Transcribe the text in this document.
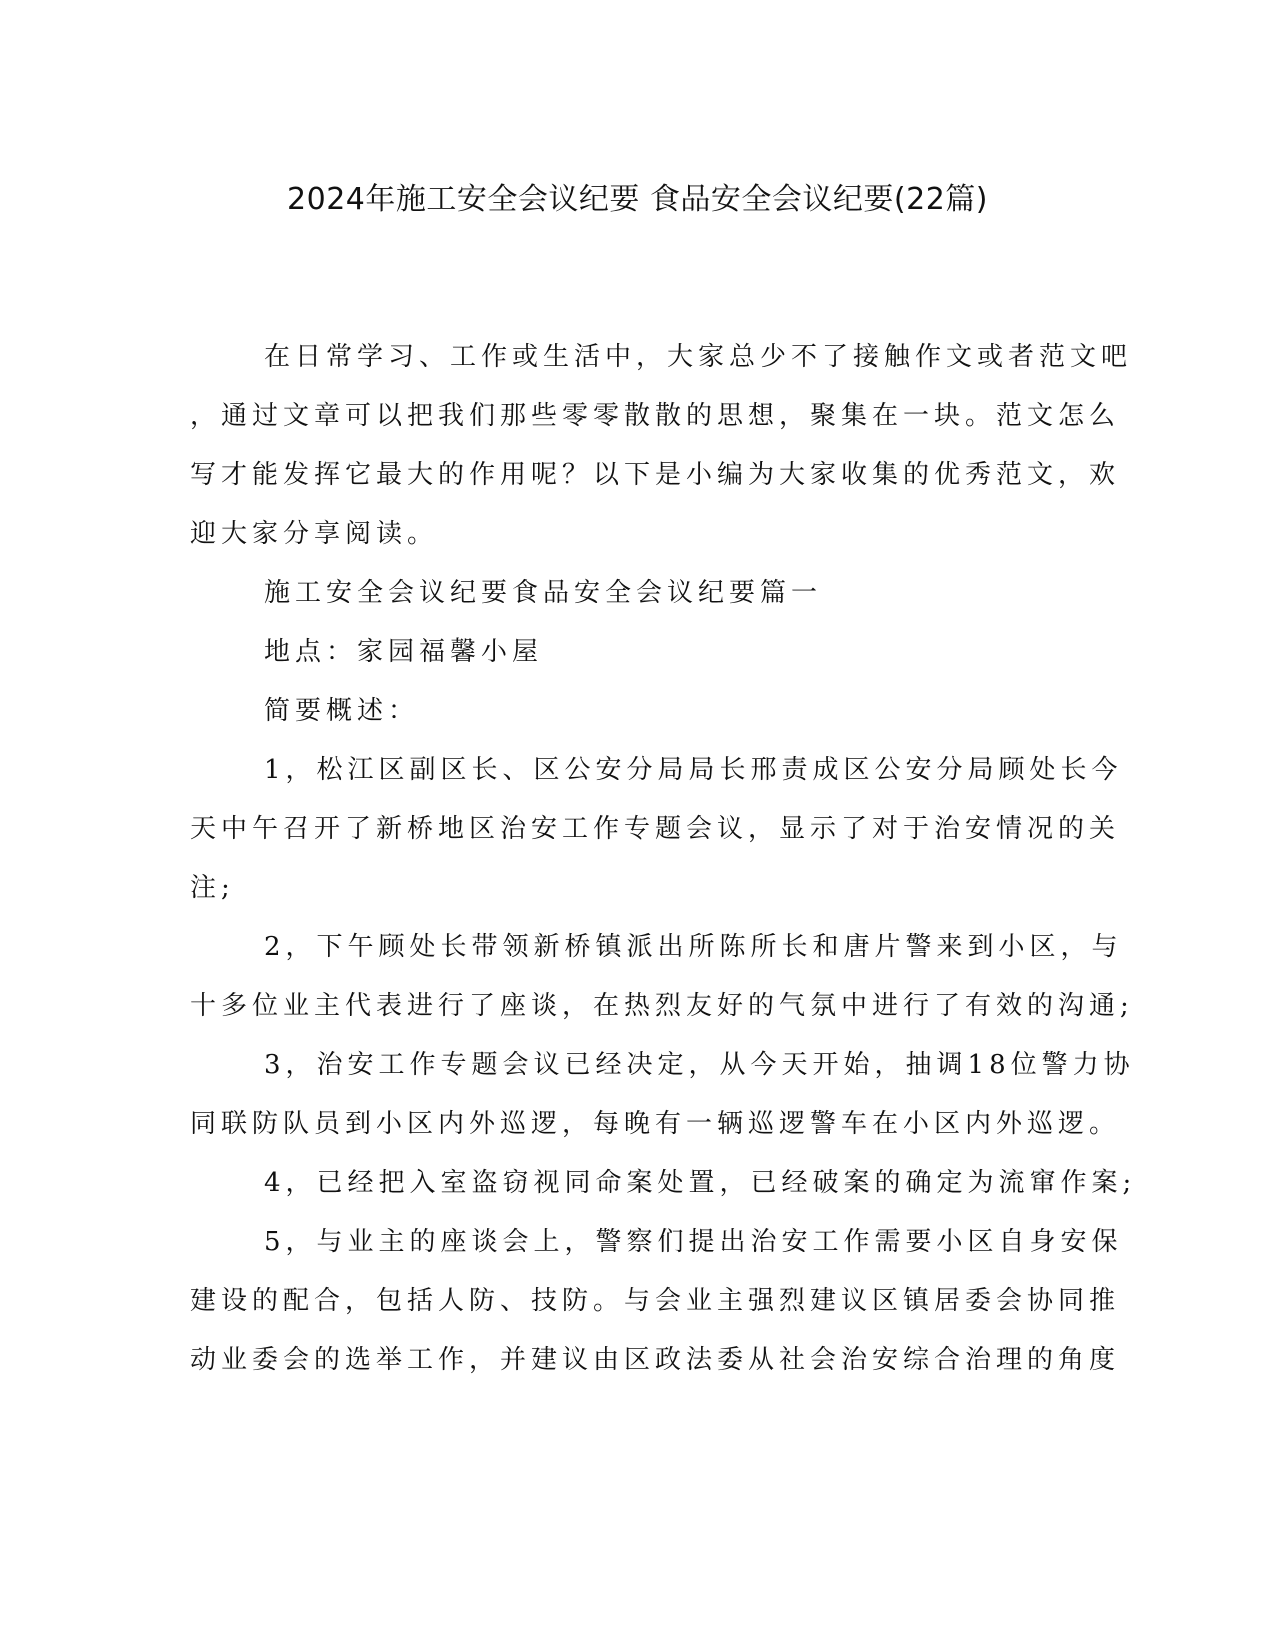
2024年施工安全会议纪要 食品安全会议纪要(22篇)
在日常学习、工作或生活中，大家总少不了接触作文或者范文吧
，通过文章可以把我们那些零零散散的思想，聚集在一块。范文怎么
写才能发挥它最大的作用呢？以下是小编为大家收集的优秀范文，欢
迎大家分享阅读。
施工安全会议纪要食品安全会议纪要篇一
地点：家园福馨小屋
简要概述：
1，松江区副区长、区公安分局局长邢责成区公安分局顾处长今
天中午召开了新桥地区治安工作专题会议，显示了对于治安情况的关
注;
2，下午顾处长带领新桥镇派出所陈所长和唐片警来到小区，与
十多位业主代表进行了座谈，在热烈友好的气氛中进行了有效的沟通;
3，治安工作专题会议已经决定，从今天开始，抽调18位警力协
同联防队员到小区内外巡逻，每晚有一辆巡逻警车在小区内外巡逻。
4，已经把入室盗窃视同命案处置，已经破案的确定为流窜作案;
5，与业主的座谈会上，警察们提出治安工作需要小区自身安保
建设的配合，包括人防、技防。与会业主强烈建议区镇居委会协同推
动业委会的选举工作，并建议由区政法委从社会治安综合治理的角度
